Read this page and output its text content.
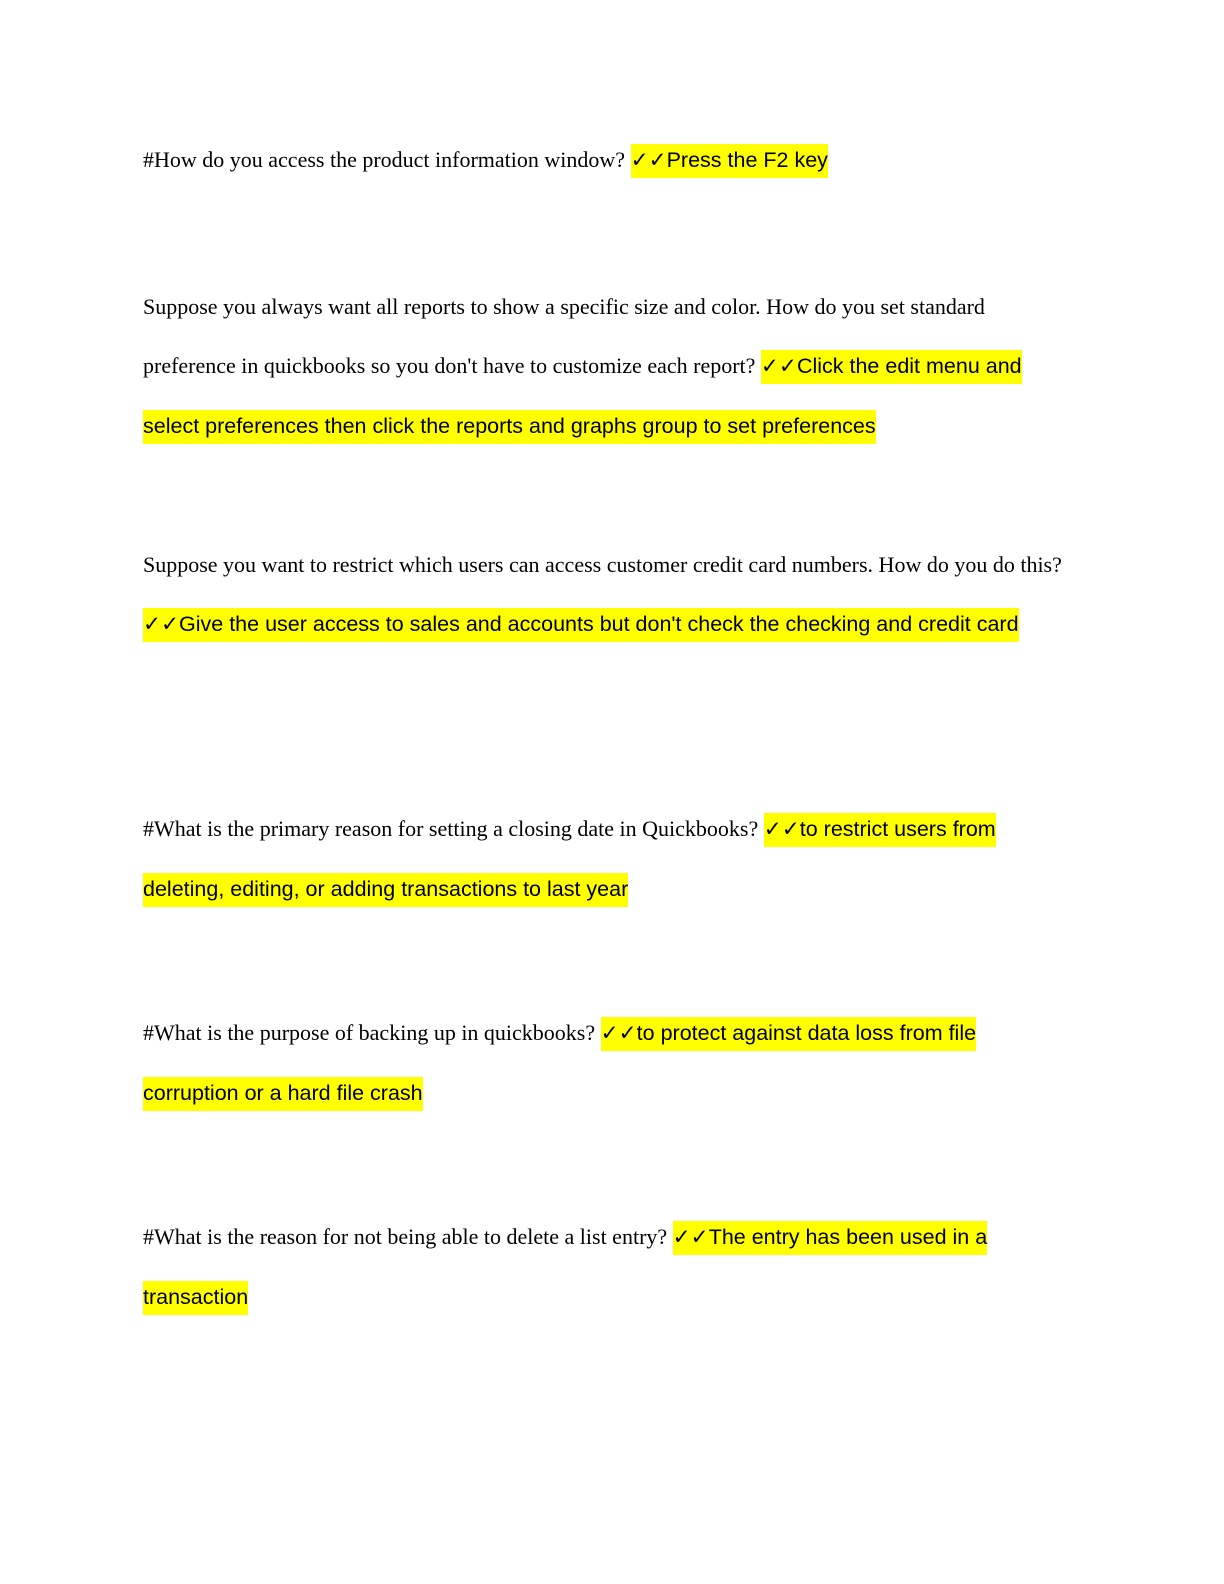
#How do you access the product information window? ✓✓Press the F2 key

Suppose you always want all reports to show a specific size and color. How do you set standard preference in quickbooks so you don't have to customize each report? ✓✓Click the edit menu and select preferences then click the reports and graphs group to set preferences

Suppose you want to restrict which users can access customer credit card numbers. How do you do this? ✓✓Give the user access to sales and accounts but don't check the checking and credit card

#What is the primary reason for setting a closing date in Quickbooks? ✓✓to restrict users from deleting, editing, or adding transactions to last year

#What is the purpose of backing up in quickbooks? ✓✓to protect against data loss from file corruption or a hard file crash

#What is the reason for not being able to delete a list entry? ✓✓The entry has been used in a transaction
